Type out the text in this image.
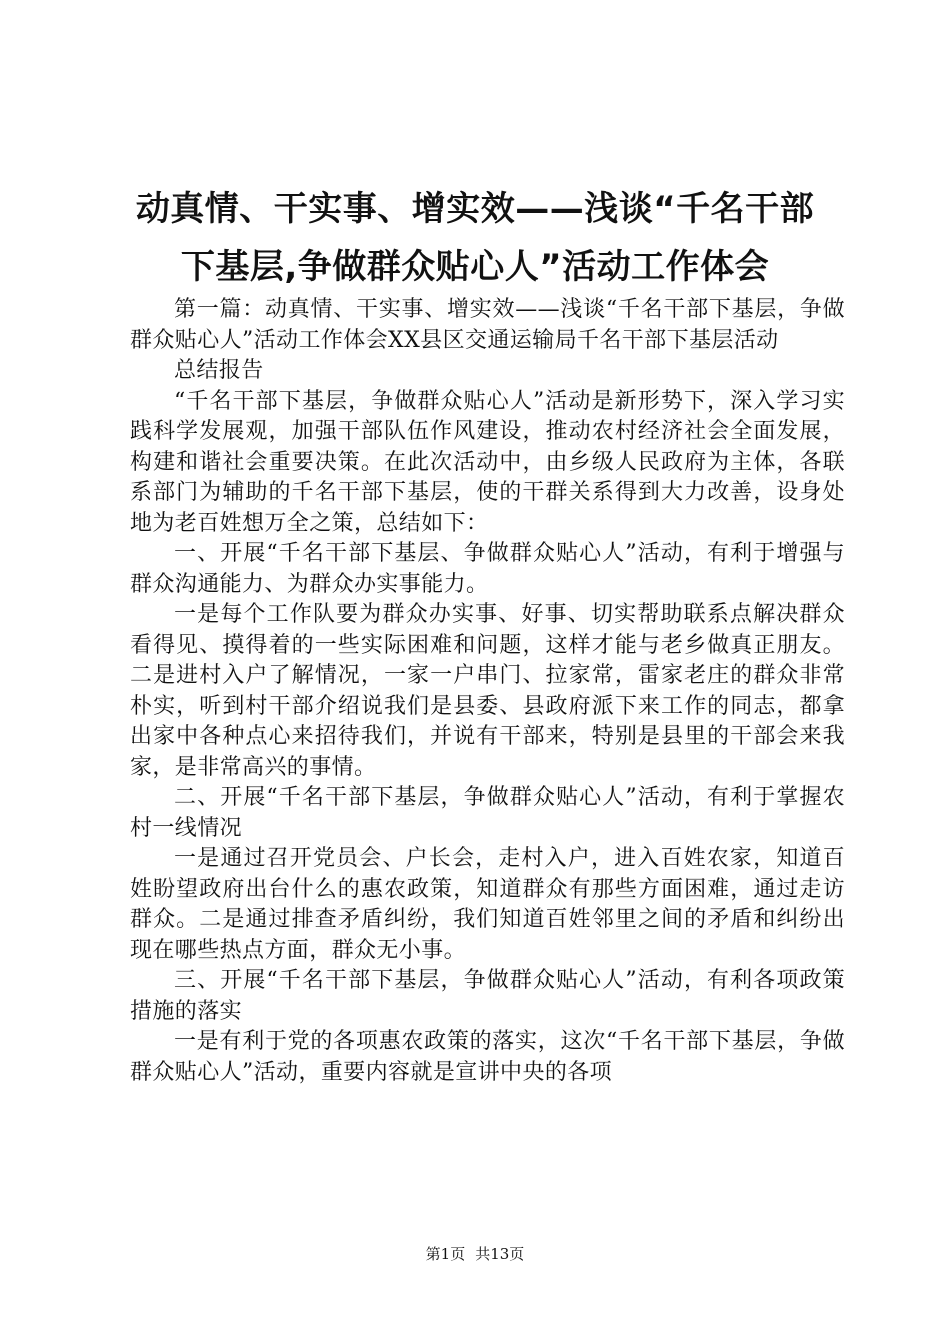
动真情、干实事、增实效——浅谈“千名干部
下基层,争做群众贴心人”活动工作体会

第一篇：动真情、干实事、增实效——浅谈“千名干部下基层，争做群众贴心人”活动工作体会XX县区交通运输局千名干部下基层活动

总结报告

“千名干部下基层，争做群众贴心人”活动是新形势下，深入学习实践科学发展观，加强干部队伍作风建设，推动农村经济社会全面发展，构建和谐社会重要决策。在此次活动中，由乡级人民政府为主体，各联系部门为辅助的千名干部下基层，使的干群关系得到大力改善，设身处地为老百姓想万全之策，总结如下：

一、开展“千名干部下基层、争做群众贴心人”活动，有利于增强与群众沟通能力、为群众办实事能力。

一是每个工作队要为群众办实事、好事、切实帮助联系点解决群众看得见、摸得着的一些实际困难和问题，这样才能与老乡做真正朋友。二是进村入户了解情况，一家一户串门、拉家常，雷家老庄的群众非常朴实，听到村干部介绍说我们是县委、县政府派下来工作的同志，都拿出家中各种点心来招待我们，并说有干部来，特别是县里的干部会来我家，是非常高兴的事情。

二、开展“千名干部下基层，争做群众贴心人”活动，有利于掌握农村一线情况

一是通过召开党员会、户长会，走村入户，进入百姓农家，知道百姓盼望政府出台什么的惠农政策，知道群众有那些方面困难，通过走访群众。二是通过排查矛盾纠纷，我们知道百姓邻里之间的矛盾和纠纷出现在哪些热点方面，群众无小事。

三、开展“千名干部下基层，争做群众贴心人”活动，有利各项政策措施的落实

一是有利于党的各项惠农政策的落实，这次“千名干部下基层，争做群众贴心人”活动，重要内容就是宣讲中央的各项

第1页 共13页
